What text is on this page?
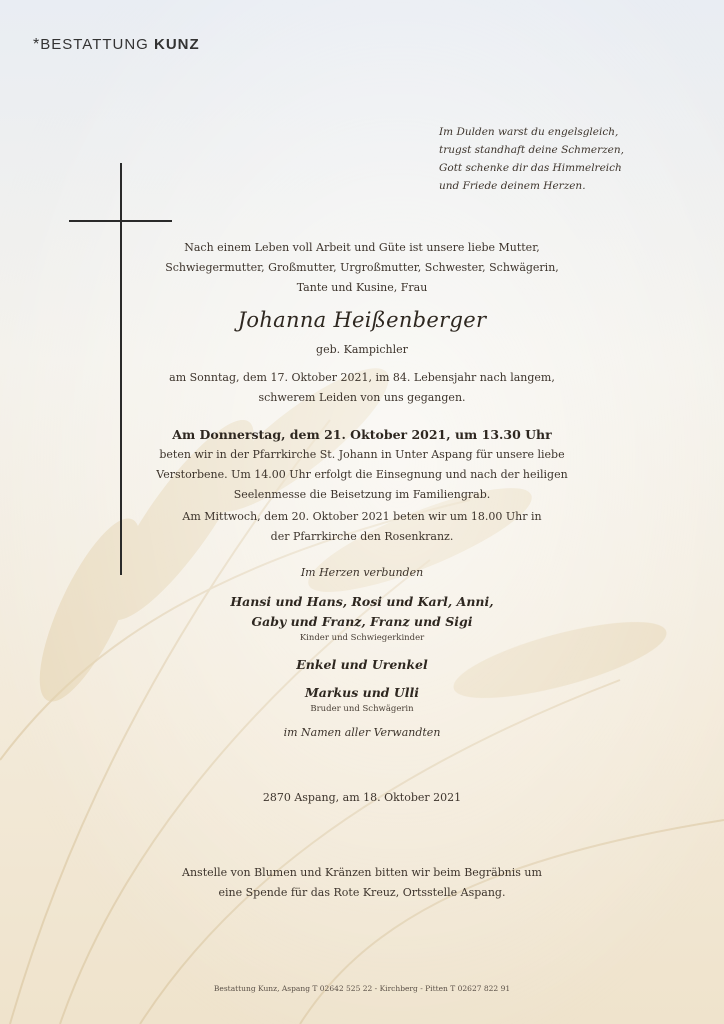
*BESTATTUNG KUNZ
Im Dulden warst du engelsgleich,
trugst standhaft deine Schmerzen,
Gott schenke dir das Himmelreich
und Friede deinem Herzen.
Nach einem Leben voll Arbeit und Güte ist unsere liebe Mutter,
Schwiegermutter, Großmutter, Urgroßmutter, Schwester, Schwägerin,
Tante und Kusine, Frau
Johanna Heißenberger
geb. Kampichler
am Sonntag, dem 17. Oktober 2021, im 84. Lebensjahr nach langem,
schwerem Leiden von uns gegangen.
Am Donnerstag, dem 21. Oktober 2021, um 13.30 Uhr
beten wir in der Pfarrkirche St. Johann in Unter Aspang für unsere liebe
Verstorbene. Um 14.00 Uhr erfolgt die Einsegnung und nach der heiligen
Seelenmesse die Beisetzung im Familiengrab.
Am Mittwoch, dem 20. Oktober 2021 beten wir um 18.00 Uhr in
der Pfarrkirche den Rosenkranz.
Im Herzen verbunden
Hansi und Hans, Rosi und Karl, Anni,
Gaby und Franz, Franz und Sigi
Kinder und Schwiegerkinder
Enkel und Urenkel
Markus und Ulli
Bruder und Schwägerin
im Namen aller Verwandten
2870 Aspang, am 18. Oktober 2021
Anstelle von Blumen und Kränzen bitten wir beim Begräbnis um
eine Spende für das Rote Kreuz, Ortsstelle Aspang.
Bestattung Kunz, Aspang T 02642 525 22 - Kirchberg - Pitten T 02627 822 91
